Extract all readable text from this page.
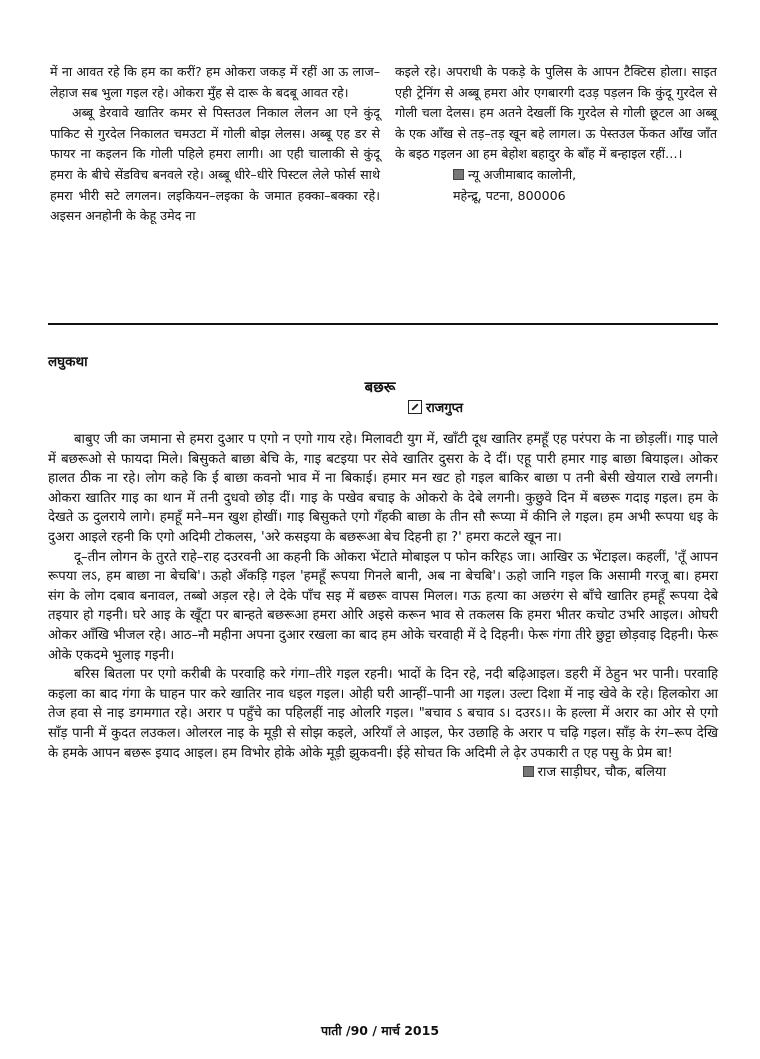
में ना आवत रहे कि हम का करीं? हम ओकरा जकड़ में रहीं आ ऊ लाज–लेहाज सब भुला गइल रहे। ओकरा मुँह से दारू के बदबू आवत रहे।

अब्बू डेरवावे खातिर कमर से पिस्तउल निकाल लेलन आ एने कुंदू पाकिट से गुरदेल निकालत चमउटा में गोली बोझ लेलस। अब्बू एह डर से फायर ना कइलन कि गोली पहिले हमरा लागी। आ एही चालाकी से कुंदू हमरा के बीचे सेंडविच बनवले रहे। अब्बू धीरे–धीरे पिस्टल लेले फोर्स साथे हमरा भीरी सटे लगलन। लइकियन–लइका के जमात हक्का–बक्का रहे। अइसन अनहोनी के केहू उमेद ना

कइले रहे। अपराधी के पकड़े के पुलिस के आपन टैक्टिस होला। साइत एही ट्रेनिंग से अब्बू हमरा ओर एगबारगी दउड़ पड़लन कि कुंदू गुरदेल से गोली चला देलस। हम अतने देखलीं कि गुरदेल से गोली छूटल आ अब्बू के एक आँख से तड़–तड़ खून बहे लागल। ऊ पेस्तउल फेंकत आँख जाँत के बइठ गइलन आ हम बेहोश बहादुर के बाँह में बन्हाइल रहीं…।

न्यू अजीमाबाद कालोनी,
महेन्द्रू, पटना, 800006
लघुकथा
बछरू
राजगुप्त

बाबुए जी का जमाना से हमरा दुआर प एगो न एगो गाय रहे। मिलावटी युग में, खाँटी दूध खातिर हमहूँ एह परंपरा के ना छोड़लीं। गाइ पाले में बछरूओ से फायदा मिले। बिसुकते बाछा बेचि के, गाइ बटइया पर सेवे खातिर दुसरा के दे दीं। एहू पारी हमार गाइ बाछा बियाइल। ओकर हालत ठीक ना रहे। लोग कहे कि ई बाछा कवनो भाव में ना बिकाई। हमार मन खट हो गइल बाकिर बाछा प तनी बेसी खेयाल राखे लगनी। ओकरा खातिर गाइ का थान में तनी दुधवो छोड़ दीं। गाइ के पखेव बचाइ के ओकरो के देबे लगनी। कुछुवे दिन में बछरू गदाइ गइल। हम के देखते ऊ दुलराये लागे। हमहूँ मने–मन खुश होखीं। गाइ बिसुकते एगो गँहकी बाछा के तीन सौ रूप्या में कीनि ले गइल। हम अभी रूपया धइ के दुअरा आइले रहनी कि एगो अदिमी टोकलस, 'अरे कसइया के बछरूआ बेच दिहनी हा ?' हमरा कटले खून ना।

दू–तीन लोगन के तुरते राहे–राह दउरवनी आ कहनी कि ओकरा भेंटाते मोबाइल प फोन करिहऽ जा। आखिर ऊ भेंटाइल। कहलीं, 'तूँ आपन रूपया लऽ, हम बाछा ना बेचबि'। ऊहो अँकड़ि गइल 'हमहूँ रूपया गिनले बानी, अब ना बेचबि'। ऊहो जानि गइल कि असामी गरजू बा। हमरा संग के लोग दबाव बनावल, तब्बो अड़ल रहे। ले देके पाँच सइ में बछरू वापस मिलल। गऊ हत्या का अछरंग से बाँचे खातिर हमहूँ रूपया देबे तइयार हो गइनी। घरे आइ के खूँटा पर बान्हते बछरूआ हमरा ओरि अइसे करून भाव से तकलस कि हमरा भीतर कचोट उभरि आइल। ओघरी ओकर आँखि भीजल रहे। आठ–नौ महीना अपना दुआर रखला का बाद हम ओके चरवाही में दे दिहनी। फेरू गंगा तीरे छुट्टा छोड़वाइ दिहनी। फेरू ओके एकदमे भुलाइ गइनी।

बरिस बितला पर एगो करीबी के परवाहि करे गंगा–तीरे गइल रहनी। भादों के दिन रहे, नदी बढ़िआइल। डहरी में ठेहुन भर पानी। परवाहि कइला का बाद गंगा के घाहन पार करे खातिर नाव धइल गइल। ओही घरी आन्हीं–पानी आ गइल। उल्टा दिशा में नाइ खेवे के रहे। हिलकोरा आ तेज हवा से नाइ डगमगात रहे। अरार प पहुँचे का पहिलहीं नाइ ओलरि गइल। "बचाव ऽ बचाव ऽ। दउरऽ।। के हल्ला में अरार का ओर से एगो साँड़ पानी में कुदत लउकल। ओलरल नाइ के मूड़ी से सोझ कइले, अरियाँ ले आइल, फेर उछाहि के अरार प चढ़ि गइल। साँड़ के रंग–रूप देखि के हमके आपन बछरू इयाद आइल। हम विभोर होके ओके मूड़ी झुकवनी। ईहे सोचत कि अदिमी ले ढ़ेर उपकारी त एह पसु के प्रेम बा!

राज साड़ीघर, चौक, बलिया
पाती /90 / मार्च 2015
